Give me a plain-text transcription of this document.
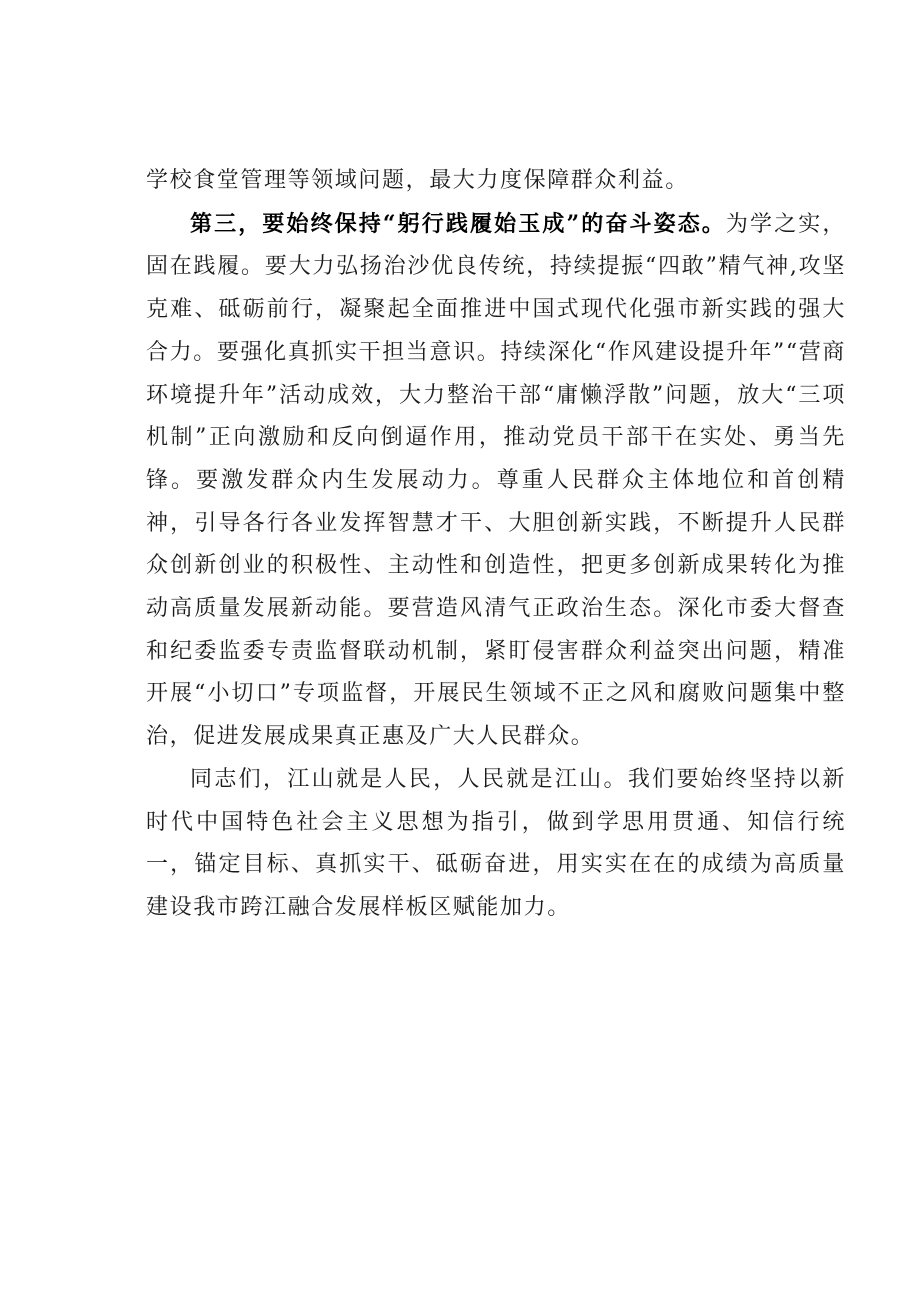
学校食堂管理等领域问题，最大力度保障群众利益。

第三，要始终保持“躬行践履始玉成”的奋斗姿态。为学之实，固在践履。要大力弘扬治沙优良传统，持续提振“四敢”精气神,攻坚克难、砥砺前行，凝聚起全面推进中国式现代化强市新实践的强大合力。要强化真抓实干担当意识。持续深化“作风建设提升年”“营商环境提升年”活动成效，大力整治干部“庸懒浮散”问题，放大“三项机制”正向激励和反向倒逼作用，推动党员干部干在实处、勇当先锋。要激发群众内生发展动力。尊重人民群众主体地位和首创精神，引导各行各业发挥智慧才干、大胆创新实践，不断提升人民群众创新创业的积极性、主动性和创造性，把更多创新成果转化为推动高质量发展新动能。要营造风清气正政治生态。深化市委大督查和纪委监委专责监督联动机制，紧盯侵害群众利益突出问题，精准开展“小切口”专项监督，开展民生领域不正之风和腐败问题集中整治，促进发展成果真正惠及广大人民群众。

同志们，江山就是人民，人民就是江山。我们要始终坚持以新时代中国特色社会主义思想为指引，做到学思用贯通、知信行统一，锚定目标、真抓实干、砥砺奋进，用实实在在的成绩为高质量建设我市跨江融合发展样板区赋能加力。
